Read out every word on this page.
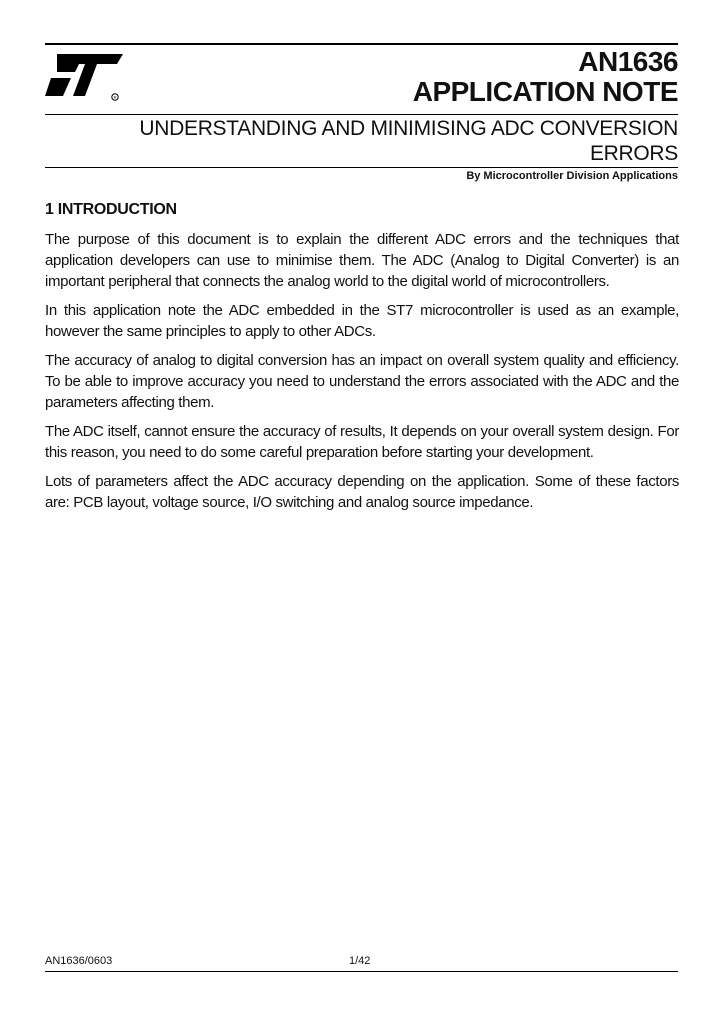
R
AN1636
APPLICATION NOTE
UNDERSTANDING AND MINIMISING ADC CONVERSION
ERRORS
By Microcontroller Division Applications
1 INTRODUCTION

The purpose of this document is to explain the different ADC errors and the techniques that application developers can use to minimise them. The ADC (Analog to Digital Converter) is an important peripheral that connects the analog world to the digital world of microcontrollers.

In this application note the ADC embedded in the ST7 microcontroller is used as an example, however the same principles to apply to other ADCs.

The accuracy of analog to digital conversion has an impact on overall system quality and efficiency. To be able to improve accuracy you need to understand the errors associated with the ADC and the parameters affecting them.

The ADC itself, cannot ensure the accuracy of results, It depends on your overall system design. For this reason, you need to do some careful preparation before starting your development.

Lots of parameters affect the ADC accuracy depending on the application. Some of these factors are: PCB layout, voltage source, I/O switching and analog source impedance.

AN1636/0603	1/42
